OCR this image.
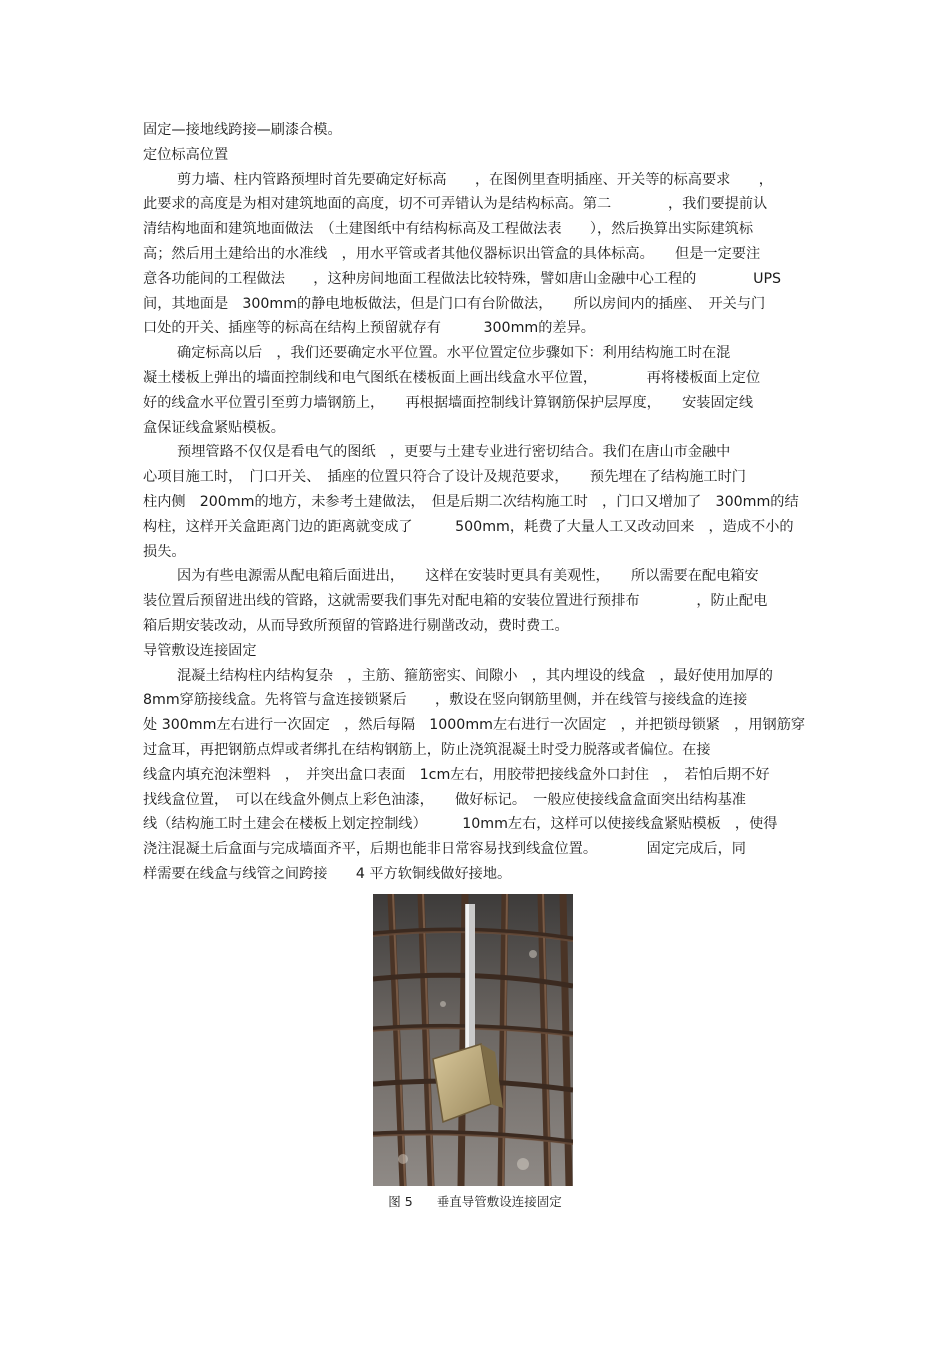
固定—接地线跨接—刷漆合模。
定位标高位置
剪力墙、柱内管路预埋时首先要确定好标高　　，在图例里查明插座、开关等的标高要求　　，
此要求的高度是为相对建筑地面的高度，切不可弄错认为是结构标高。第二　　　　，我们要提前认
清结构地面和建筑地面做法　（土建图纸中有结构标高及工程做法表　　），然后换算出实际建筑标
高；然后用土建给出的水准线　，用水平管或者其他仪器标识出管盒的具体标高。　　但是一定要注
意各功能间的工程做法　　，这种房间地面工程做法比较特殊，譬如唐山金融中心工程的　　　　UPS
间，其地面是　300mm的静电地板做法，但是门口有台阶做法，　　所以房间内的插座、　开关与门
口处的开关、插座等的标高在结构上预留就存有　　　300mm的差异。
确定标高以后　，我们还要确定水平位置。水平位置定位步骤如下：利用结构施工时在混
凝土楼板上弹出的墙面控制线和电气图纸在楼板面上画出线盒水平位置，　　　　再将楼板面上定位
好的线盒水平位置引至剪力墙钢筋上，　　再根据墙面控制线计算钢筋保护层厚度，　　安装固定线
盒保证线盒紧贴模板。
预埋管路不仅仅是看电气的图纸　，更要与土建专业进行密切结合。我们在唐山市金融中
心项目施工时，　门口开关、　插座的位置只符合了设计及规范要求，　　预先埋在了结构施工时门
柱内侧　200mm的地方，未参考土建做法，　但是后期二次结构施工时　，门口又增加了　300mm的结
构柱，这样开关盒距离门边的距离就变成了　　　500mm，耗费了大量人工又改动回来　，造成不小的
损失。
因为有些电源需从配电箱后面进出，　　这样在安装时更具有美观性，　　所以需要在配电箱安
装位置后预留进出线的管路，这就需要我们事先对配电箱的安装位置进行预排布　　　　，防止配电
箱后期安装改动，从而导致所预留的管路进行剔凿改动，费时费工。
导管敷设连接固定
混凝土结构柱内结构复杂　，主筋、箍筋密实、间隙小　，其内埋设的线盒　，最好使用加厚的
8mm穿筋接线盒。先将管与盒连接锁紧后　　，敷设在竖向钢筋里侧，并在线管与接线盒的连接
处 300mm左右进行一次固定　，然后每隔　1000mm左右进行一次固定　，并把锁母锁紧　，用钢筋穿
过盒耳，再把钢筋点焊或者绑扎在结构钢筋上，防止浇筑混凝土时受力脱落或者偏位。在接
线盒内填充泡沫塑料　，　并突出盒口表面　1cm左右，用胶带把接线盒外口封住　，　若怕后期不好
找线盒位置，　可以在线盒外侧点上彩色油漆，　　做好标记。　一般应使接线盒盒面突出结构基准
线（结构施工时土建会在楼板上划定控制线）　　　10mm左右，这样可以使接线盒紧贴模板　，使得
浇注混凝土后盒面与完成墙面齐平，后期也能非日常容易找到线盒位置。　　　　固定完成后，同
样需要在线盒与线管之间跨接　　4 平方软铜线做好接地。
图 5 垂直导管敷设连接固定
